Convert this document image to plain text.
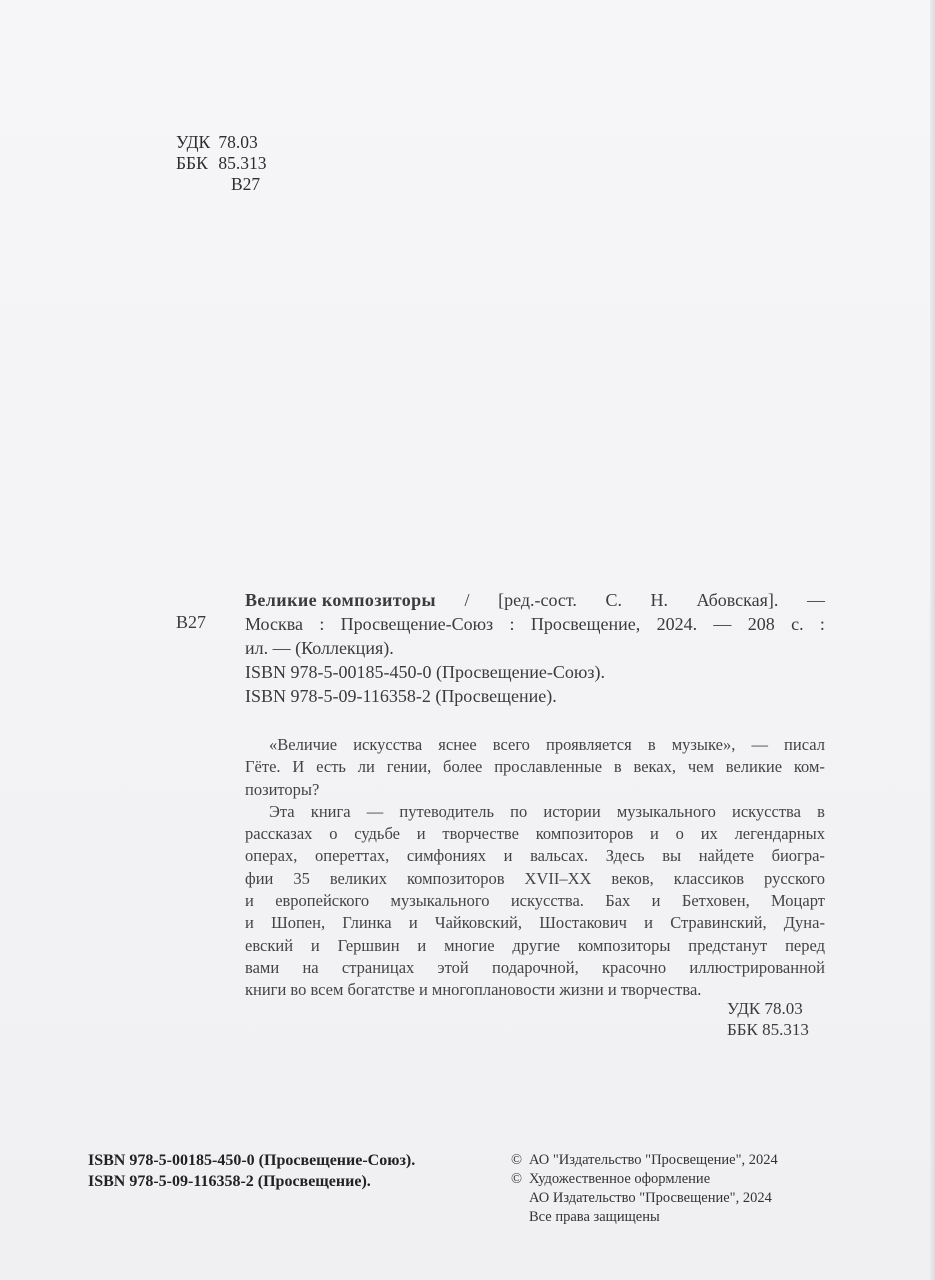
УДК 78.03
ББК 85.313
В27
В27
Великие композиторы / [ред.-сост. С. Н. Абовская]. —
Москва : Просвещение-Союз : Просвещение, 2024. — 208 с. :
ил. — (Коллекция).
ISBN 978-5-00185-450-0 (Просвещение-Союз).
ISBN 978-5-09-116358-2 (Просвещение).
«Величие искусства яснее всего проявляется в музыке», — писал
Гёте. И есть ли гении, более прославленные в веках, чем великие ком-
позиторы?
Эта книга — путеводитель по истории музыкального искусства в
рассказах о судьбе и творчестве композиторов и о их легендарных
операх, опереттах, симфониях и вальсах. Здесь вы найдете биогра-
фии 35 великих композиторов XVII–XX веков, классиков русского
и европейского музыкального искусства. Бах и Бетховен, Моцарт
и Шопен, Глинка и Чайковский, Шостакович и Стравинский, Дуна-
евский и Гершвин и многие другие композиторы предстанут перед
вами на страницах этой подарочной, красочно иллюстрированной
книги во всем богатстве и многоплановости жизни и творчества.
УДК 78.03
ББК 85.313
ISBN 978-5-00185-450-0 (Просвещение-Союз).
ISBN 978-5-09-116358-2 (Просвещение).
© АО "Издательство "Просвещение", 2024
© Художественное оформление
АО Издательство "Просвещение", 2024
Все права защищены
